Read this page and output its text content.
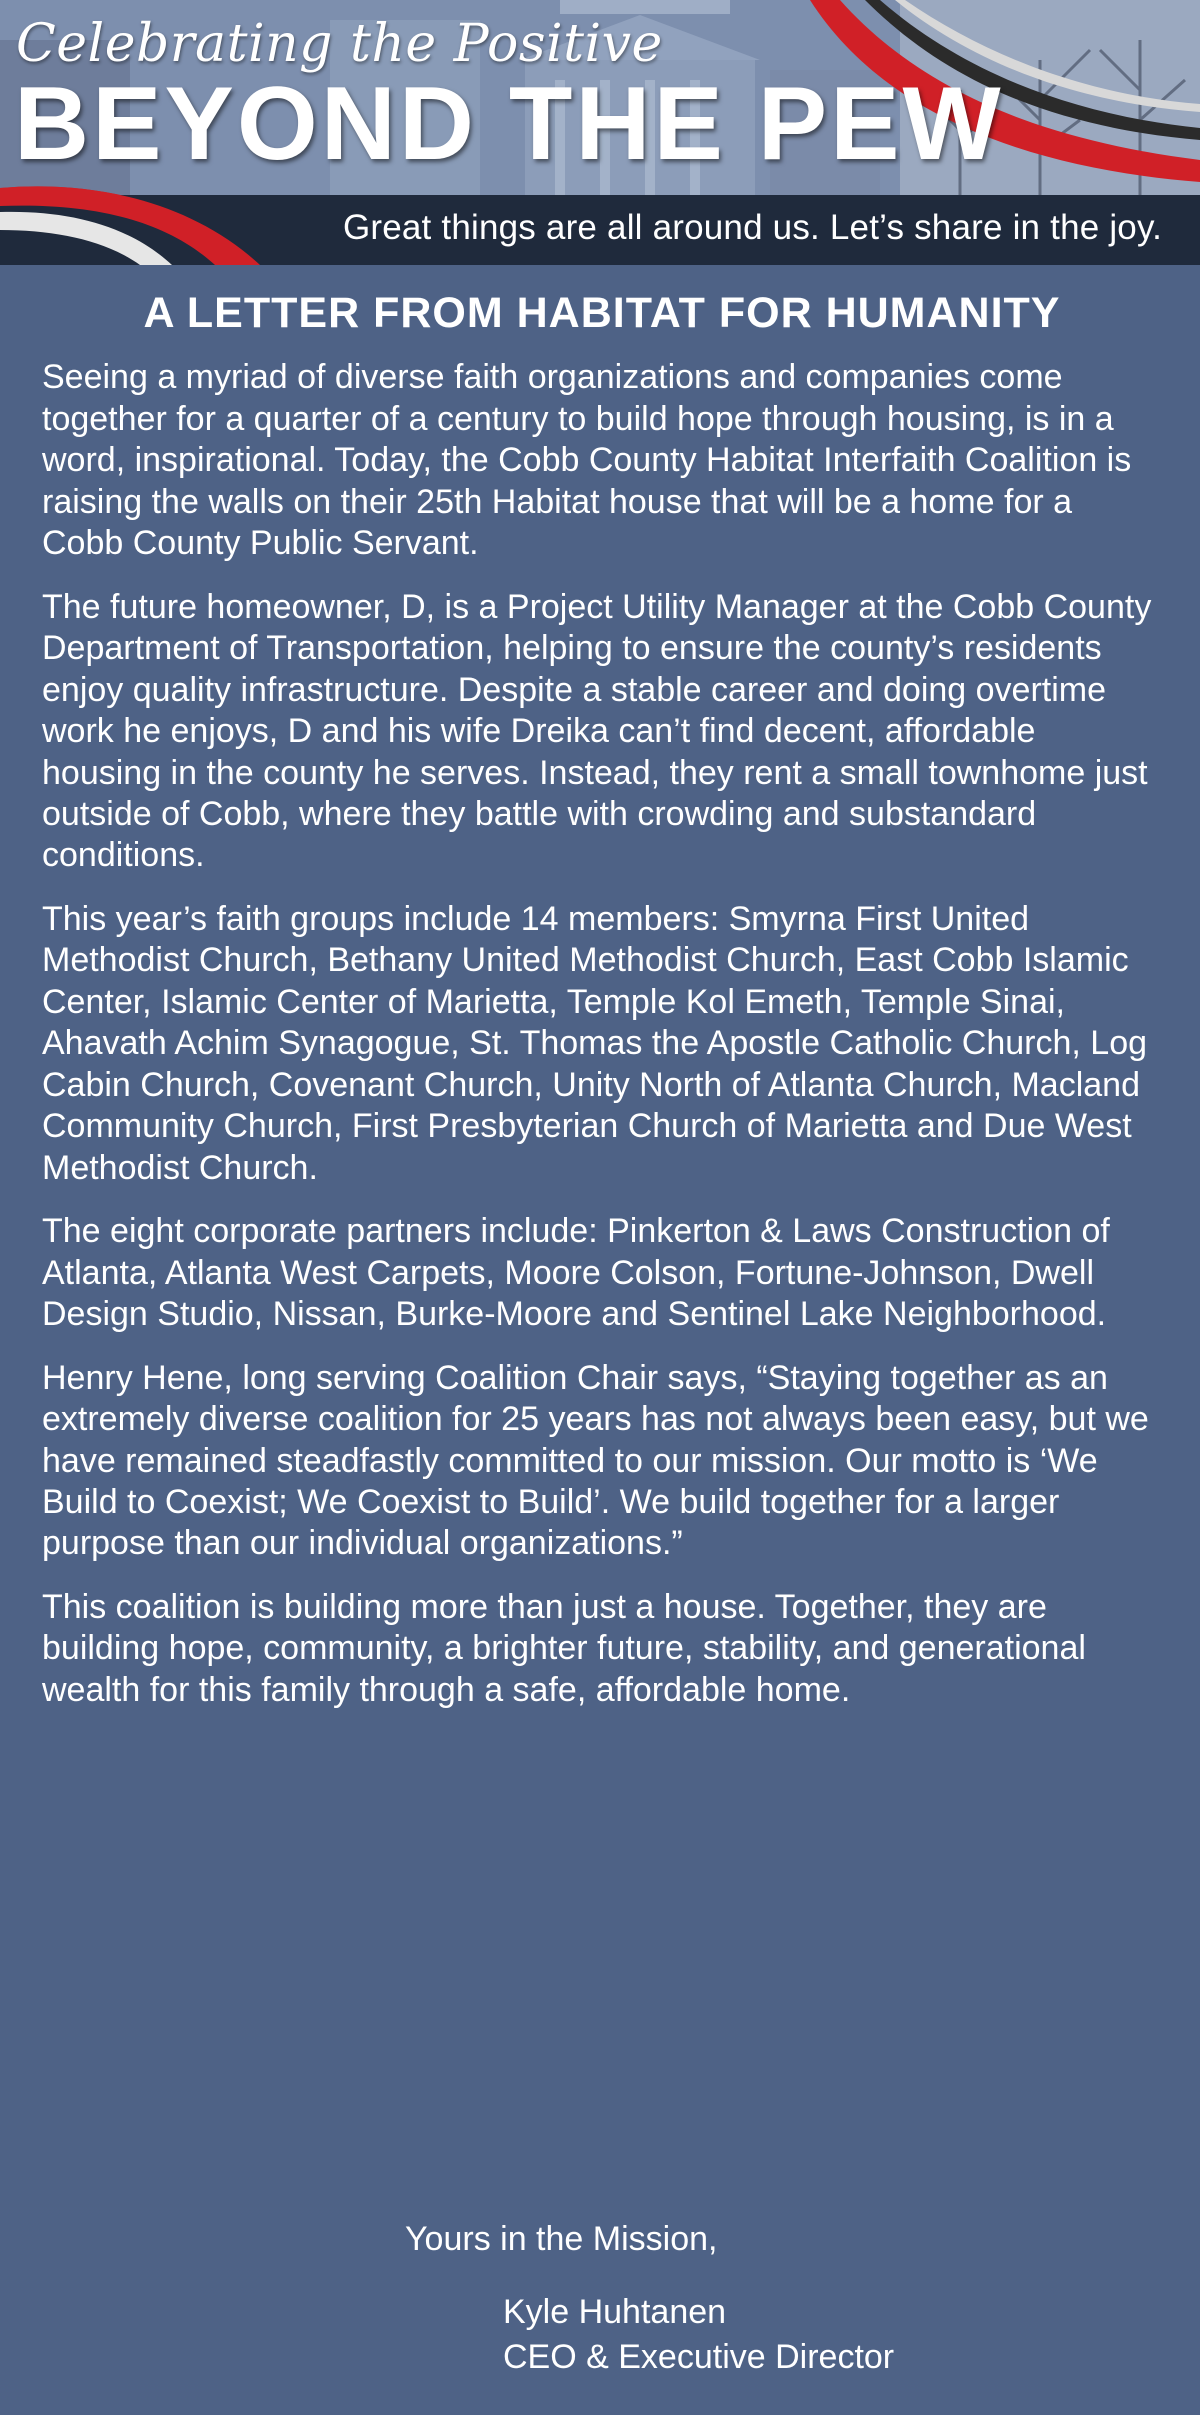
Celebrating the Positive
BEYOND THE PEW
Great things are all around us. Let’s share in the joy.
A LETTER FROM HABITAT FOR HUMANITY

Seeing a myriad of diverse faith organizations and companies come together for a quarter of a century to build hope through housing, is in a word, inspirational. Today, the Cobb County Habitat Interfaith Coalition is raising the walls on their 25th Habitat house that will be a home for a Cobb County Public Servant.

The future homeowner, D, is a Project Utility Manager at the Cobb County Department of Transportation, helping to ensure the county’s residents enjoy quality infrastructure. Despite a stable career and doing overtime work he enjoys, D and his wife Dreika can’t find decent, affordable housing in the county he serves. Instead, they rent a small townhome just outside of Cobb, where they battle with crowding and substandard conditions.

This year’s faith groups include 14 members: Smyrna First United Methodist Church, Bethany United Methodist Church, East Cobb Islamic Center, Islamic Center of Marietta, Temple Kol Emeth, Temple Sinai, Ahavath Achim Synagogue, St. Thomas the Apostle Catholic Church, Log Cabin Church, Covenant Church, Unity North of Atlanta Church, Macland Community Church, First Presbyterian Church of Marietta and Due West Methodist Church.

The eight corporate partners include: Pinkerton & Laws Construction of Atlanta, Atlanta West Carpets, Moore Colson, Fortune-Johnson, Dwell Design Studio, Nissan, Burke-Moore and Sentinel Lake Neighborhood.

Henry Hene, long serving Coalition Chair says, “Staying together as an extremely diverse coalition for 25 years has not always been easy, but we have remained steadfastly committed to our mission. Our motto is ‘We Build to Coexist; We Coexist to Build’. We build together for a larger purpose than our individual organizations.”

This coalition is building more than just a house. Together, they are building hope, community, a brighter future, stability, and generational wealth for this family through a safe, affordable home.

Yours in the Mission,

Kyle Huhtanen
CEO & Executive Director
